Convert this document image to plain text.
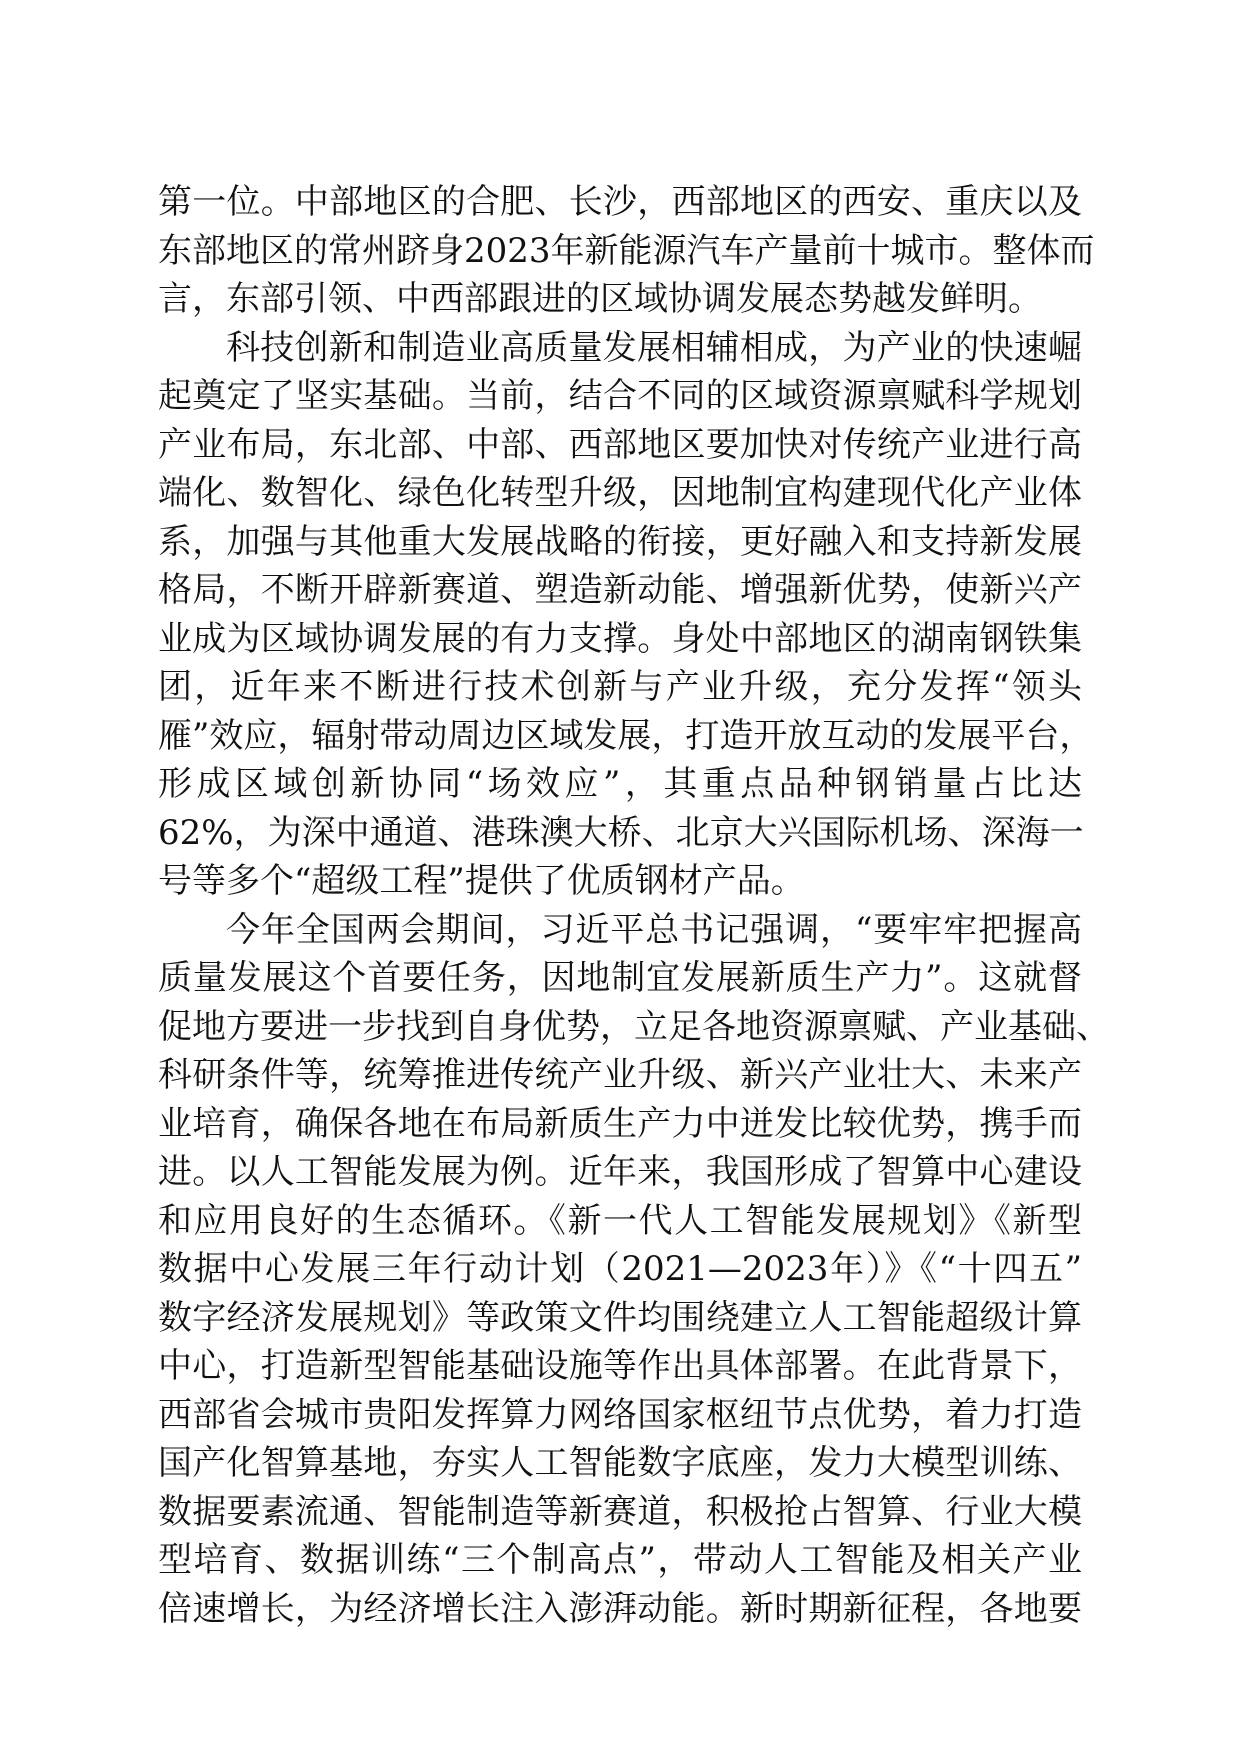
第一位。中部地区的合肥、长沙，西部地区的西安、重庆以及
东部地区的常州跻身2023年新能源汽车产量前十城市。整体而
言，东部引领、中西部跟进的区域协调发展态势越发鲜明。
科技创新和制造业高质量发展相辅相成，为产业的快速崛
起奠定了坚实基础。当前，结合不同的区域资源禀赋科学规划
产业布局，东北部、中部、西部地区要加快对传统产业进行高
端化、数智化、绿色化转型升级，因地制宜构建现代化产业体
系，加强与其他重大发展战略的衔接，更好融入和支持新发展
格局，不断开辟新赛道、塑造新动能、增强新优势，使新兴产
业成为区域协调发展的有力支撑。身处中部地区的湖南钢铁集
团，近年来不断进行技术创新与产业升级，充分发挥“领头
雁”效应，辐射带动周边区域发展，打造开放互动的发展平台，
形成区域创新协同“场效应”，其重点品种钢销量占比达
62%，为深中通道、港珠澳大桥、北京大兴国际机场、深海一
号等多个“超级工程”提供了优质钢材产品。
今年全国两会期间，习近平总书记强调，“要牢牢把握高
质量发展这个首要任务，因地制宜发展新质生产力”。这就督
促地方要进一步找到自身优势，立足各地资源禀赋、产业基础、
科研条件等，统筹推进传统产业升级、新兴产业壮大、未来产
业培育，确保各地在布局新质生产力中迸发比较优势，携手而
进。以人工智能发展为例。近年来，我国形成了智算中心建设
和应用良好的生态循环。《新一代人工智能发展规划》《新型
数据中心发展三年行动计划（2021—2023年）》《“十四五”
数字经济发展规划》等政策文件均围绕建立人工智能超级计算
中心，打造新型智能基础设施等作出具体部署。在此背景下，
西部省会城市贵阳发挥算力网络国家枢纽节点优势，着力打造
国产化智算基地，夯实人工智能数字底座，发力大模型训练、
数据要素流通、智能制造等新赛道，积极抢占智算、行业大模
型培育、数据训练“三个制高点”，带动人工智能及相关产业
倍速增长，为经济增长注入澎湃动能。新时期新征程，各地要
